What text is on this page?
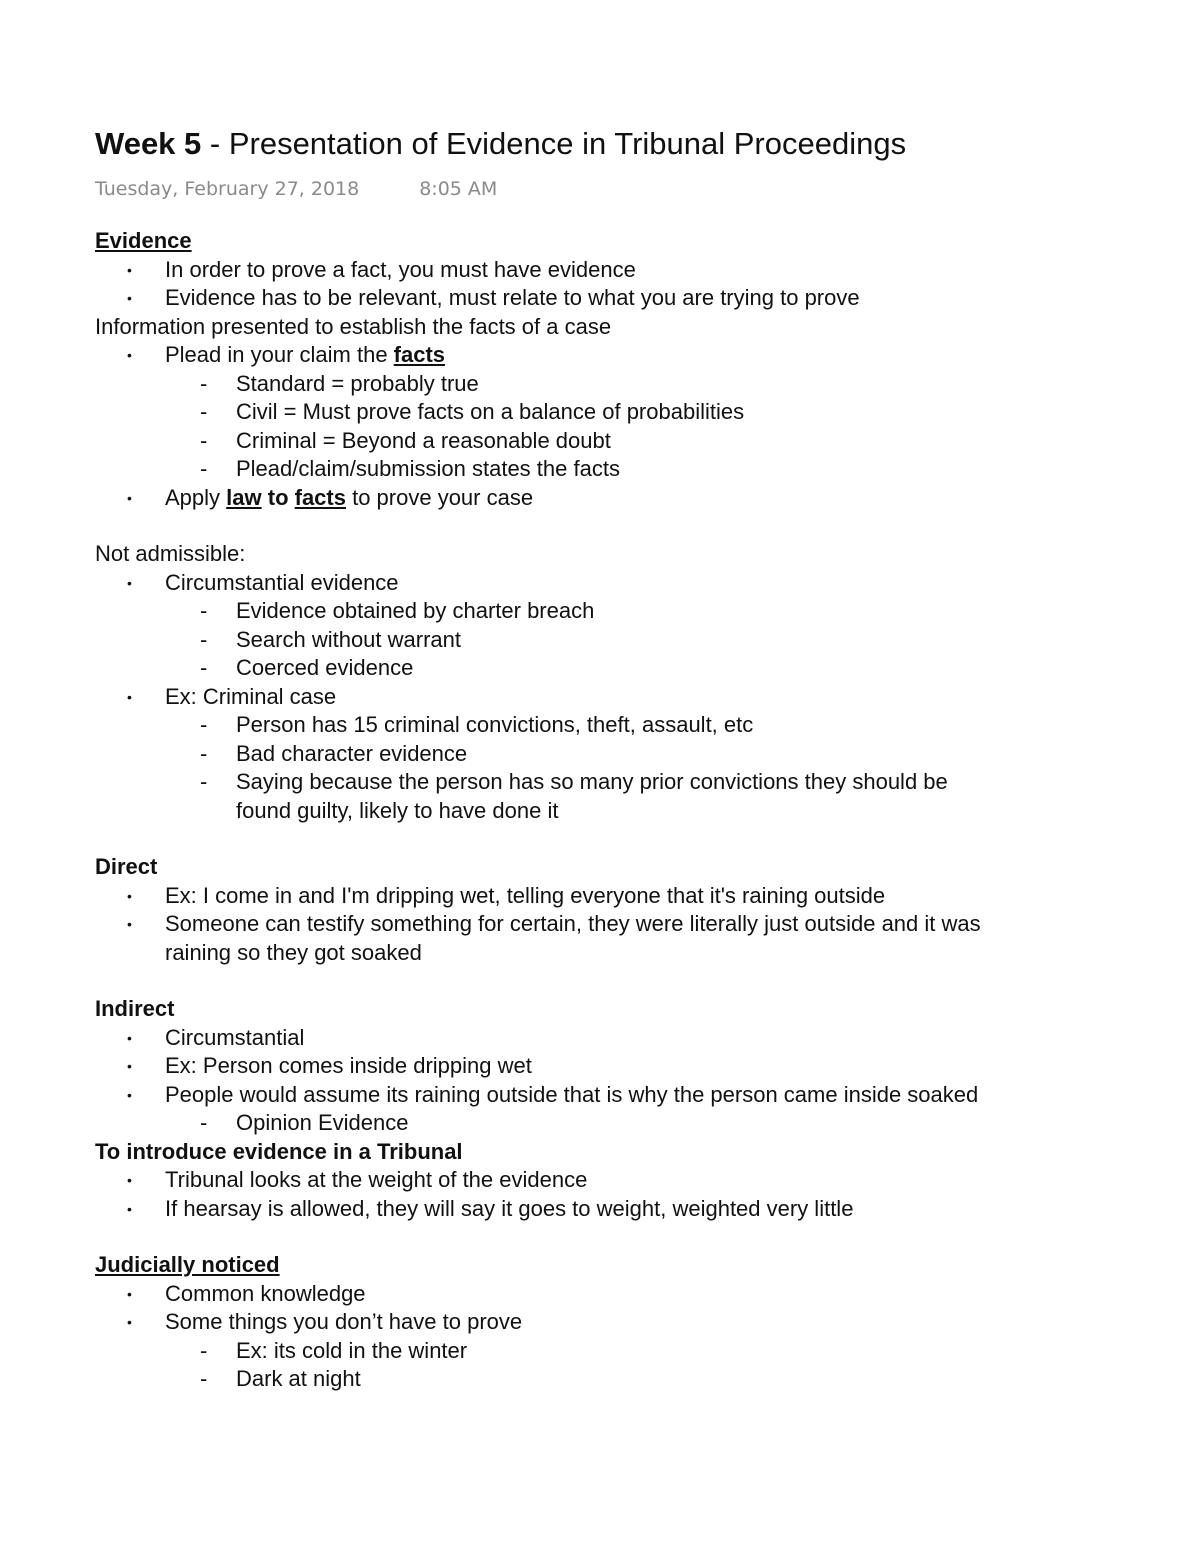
Week 5 - Presentation of Evidence in Tribunal Proceedings
Tuesday, February 27, 2018	8:05 AM
Evidence
• In order to prove a fact, you must have evidence
• Evidence has to be relevant, must relate to what you are trying to prove
Information presented to establish the facts of a case
• Plead in your claim the facts
- Standard = probably true
- Civil = Must prove facts on a balance of probabilities
- Criminal = Beyond a reasonable doubt
- Plead/claim/submission states the facts
• Apply law to facts to prove your case
Not admissible:
• Circumstantial evidence
- Evidence obtained by charter breach
- Search without warrant
- Coerced evidence
• Ex: Criminal case
- Person has 15 criminal convictions, theft, assault, etc
- Bad character evidence
- Saying because the person has so many prior convictions they should be
found guilty, likely to have done it
Direct
• Ex: I come in and I'm dripping wet, telling everyone that it's raining outside
• Someone can testify something for certain, they were literally just outside and it was
raining so they got soaked
Indirect
• Circumstantial
• Ex: Person comes inside dripping wet
• People would assume its raining outside that is why the person came inside soaked
- Opinion Evidence
To introduce evidence in a Tribunal
• Tribunal looks at the weight of the evidence
• If hearsay is allowed, they will say it goes to weight, weighted very little
Judicially noticed
• Common knowledge
• Some things you don’t have to prove
- Ex: its cold in the winter
- Dark at night
